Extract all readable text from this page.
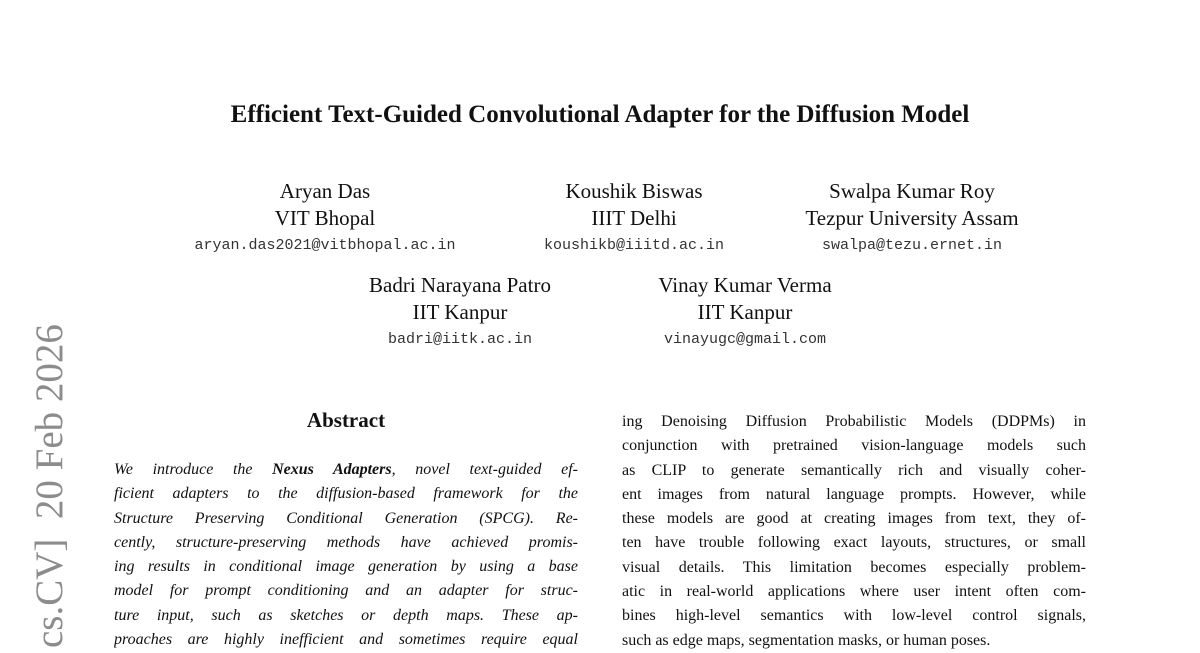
Efficient Text-Guided Convolutional Adapter for the Diffusion Model
Aryan Das
VIT Bhopal
aryan.das2021@vitbhopal.ac.in
Koushik Biswas
IIIT Delhi
koushikb@iiitd.ac.in
Swalpa Kumar Roy
Tezpur University Assam
swalpa@tezu.ernet.in
Badri Narayana Patro
IIT Kanpur
badri@iitk.ac.in
Vinay Kumar Verma
IIT Kanpur
vinayugc@gmail.com
cs.CV]  20 Feb 2026	Abstract
We introduce the Nexus Adapters, novel text-guided ef-
ficient adapters to the diffusion-based framework for the
Structure Preserving Conditional Generation (SPCG). Re-
cently, structure-preserving methods have achieved promis-
ing results in conditional image generation by using a base
model for prompt conditioning and an adapter for struc-
ture input, such as sketches or depth maps. These ap-
proaches are highly inefficient and sometimes require equal
ing Denoising Diffusion Probabilistic Models (DDPMs) in
conjunction with pretrained vision-language models such
as CLIP to generate semantically rich and visually coher-
ent images from natural language prompts. However, while
these models are good at creating images from text, they of-
ten have trouble following exact layouts, structures, or small
visual details. This limitation becomes especially problem-
atic in real-world applications where user intent often com-
bines high-level semantics with low-level control signals,
such as edge maps, segmentation masks, or human poses.
